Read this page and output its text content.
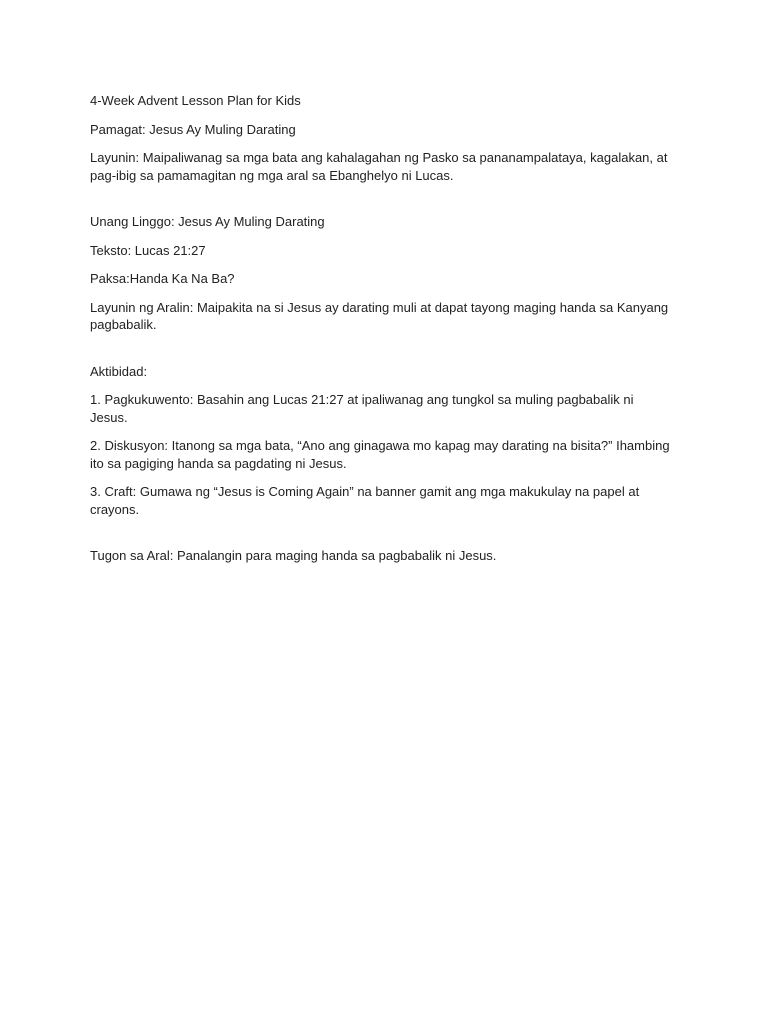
4-Week Advent Lesson Plan for Kids

Pamagat: Jesus Ay Muling Darating

Layunin: Maipaliwanag sa mga bata ang kahalagahan ng Pasko sa pananampalataya, kagalakan, at pag-ibig sa pamamagitan ng mga aral sa Ebanghelyo ni Lucas.

Unang Linggo: Jesus Ay Muling Darating

Teksto: Lucas 21:27

Paksa:Handa Ka Na Ba?

Layunin ng Aralin: Maipakita na si Jesus ay darating muli at dapat tayong maging handa sa Kanyang pagbabalik.

Aktibidad:

1. Pagkukuwento: Basahin ang Lucas 21:27 at ipaliwanag ang tungkol sa muling pagbabalik ni Jesus.

2. Diskusyon: Itanong sa mga bata, “Ano ang ginagawa mo kapag may darating na bisita?” Ihambing ito sa pagiging handa sa pagdating ni Jesus.

3. Craft: Gumawa ng “Jesus is Coming Again” na banner gamit ang mga makukulay na papel at crayons.

Tugon sa Aral: Panalangin para maging handa sa pagbabalik ni Jesus.
